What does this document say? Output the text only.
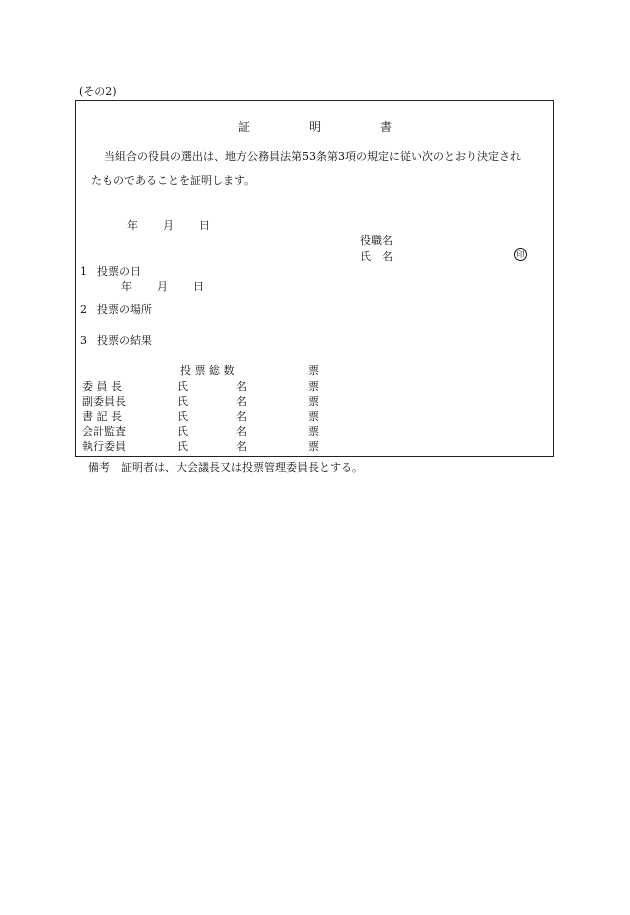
(その2)
証	明	書
当組合の役員の選出は、地方公務員法第53条第3項の規定に従い次のとおり決定され
たものであることを証明します。
年 月 日
役職名
氏　名	印
1 投票の日
年 月 日
2 投票の場所
3 投票の結果
投 票 総 数	票
委 員 長	氏	名	票
副委員長	氏	名	票
書 記 長	氏	名	票
会計監査	氏	名	票
執行委員	氏	名	票
備考　証明者は、大会議長又は投票管理委員長とする。
